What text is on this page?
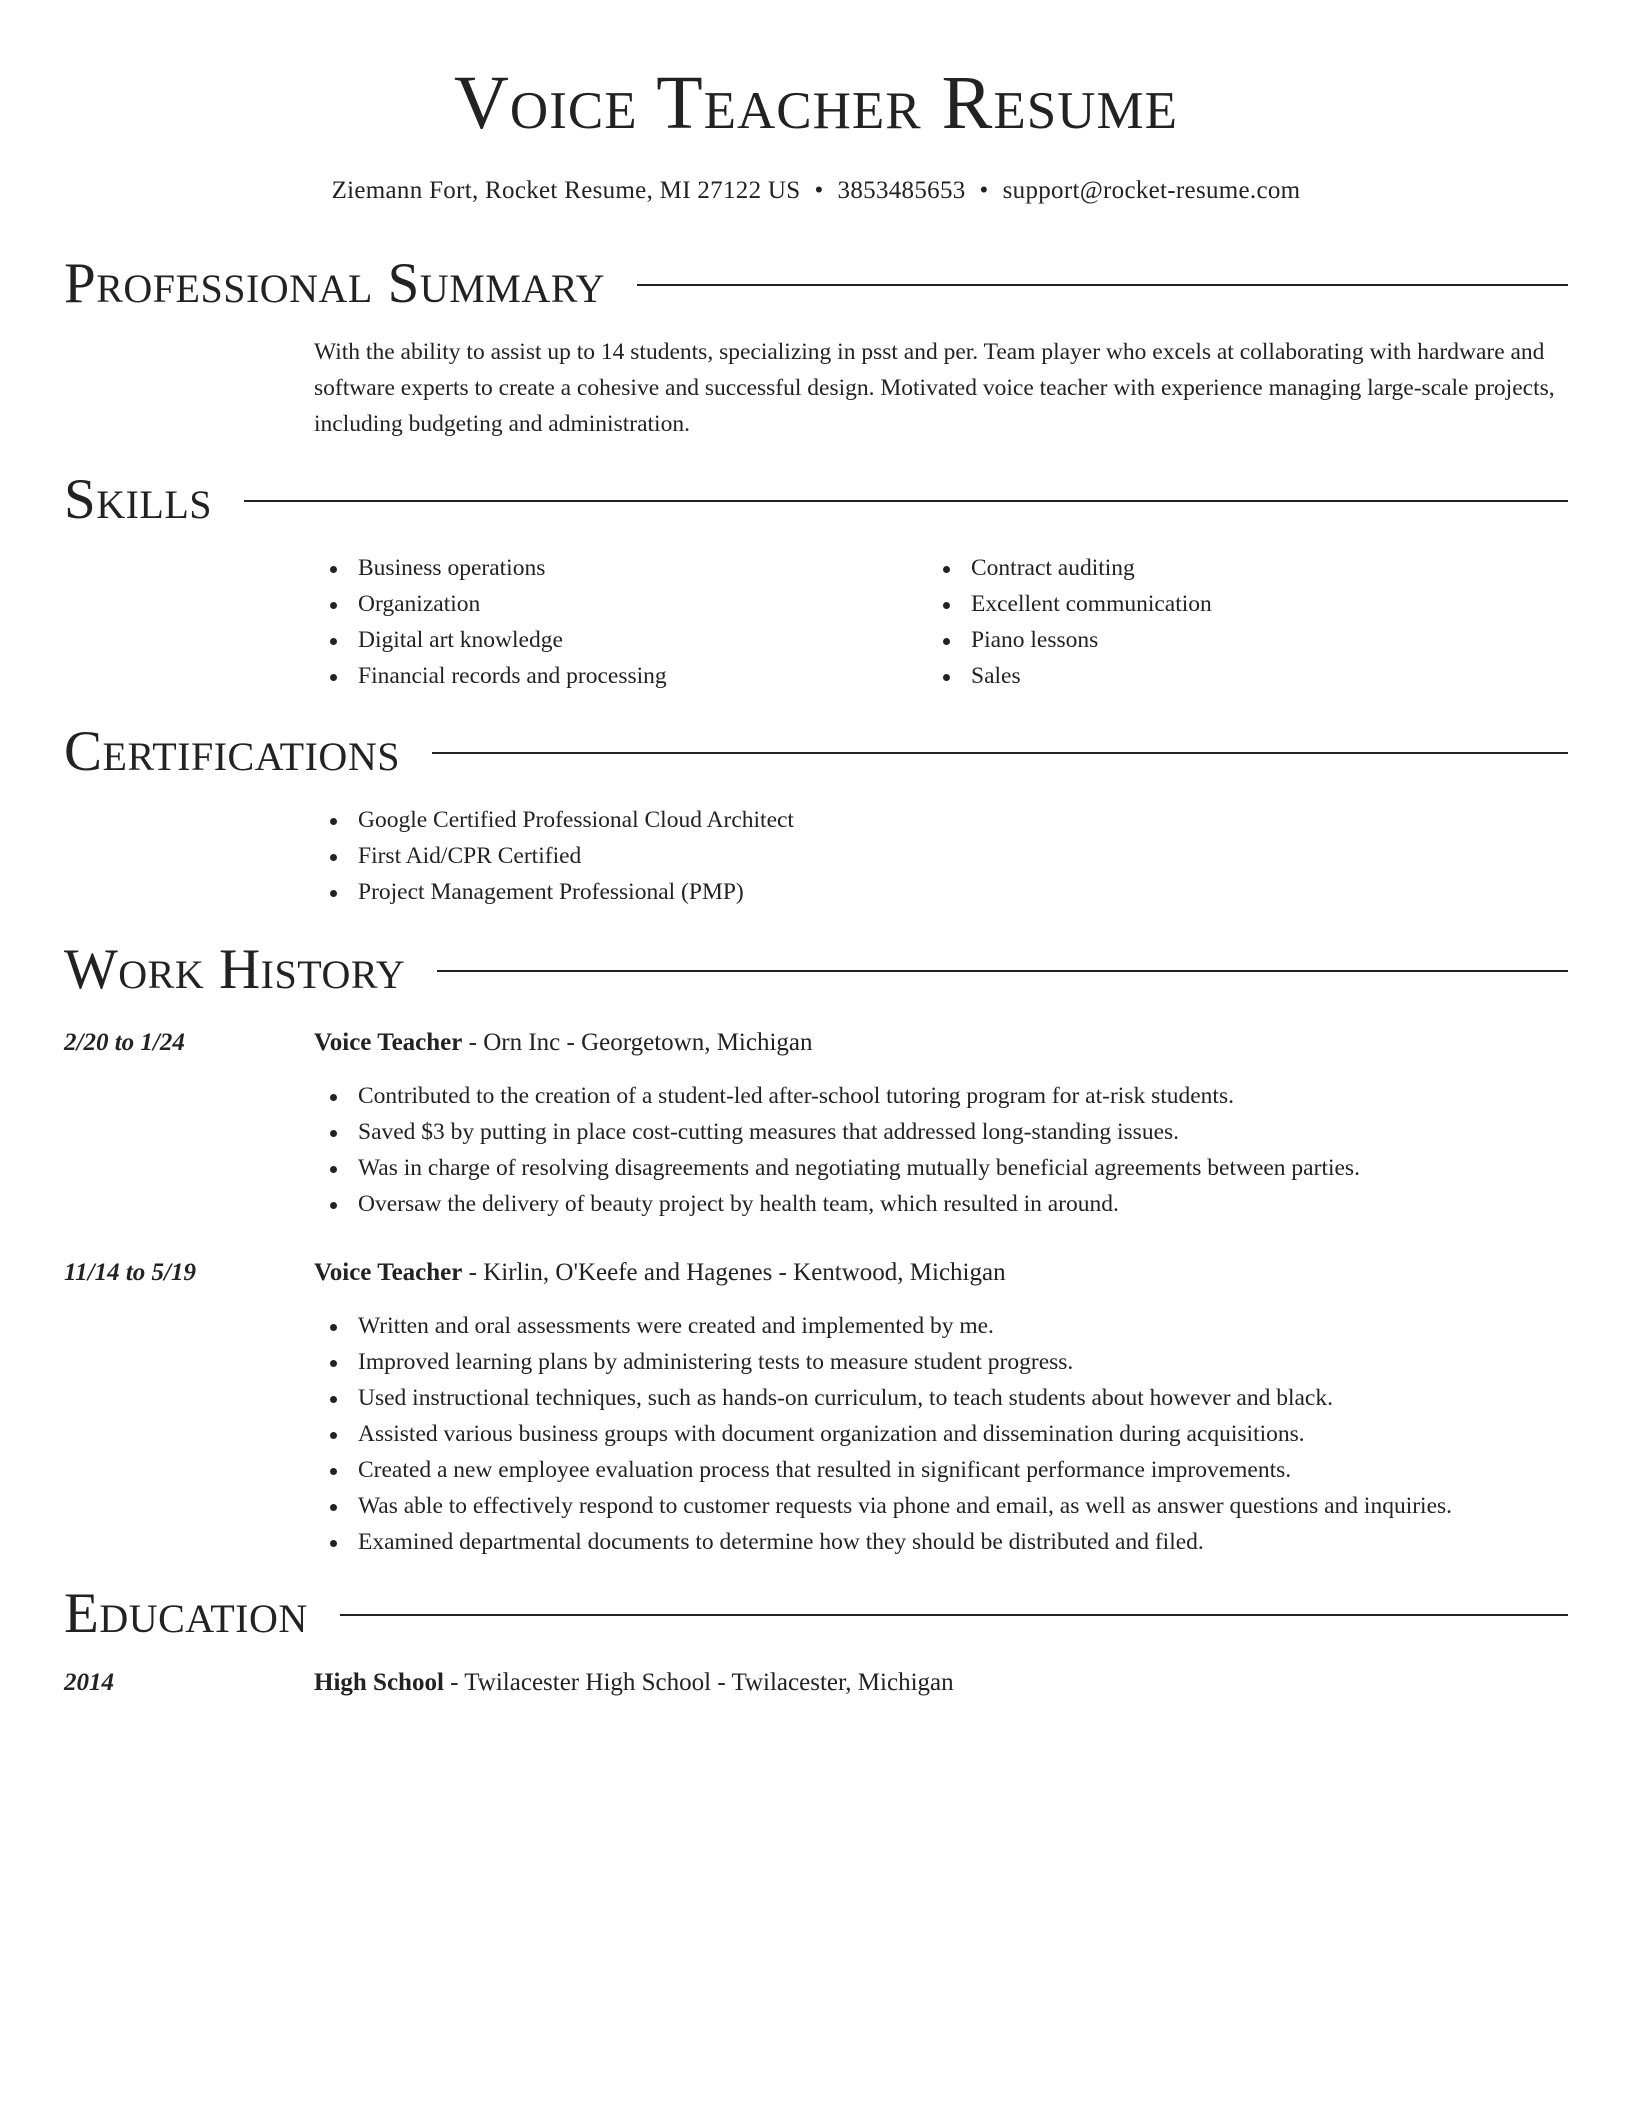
Voice Teacher Resume
Ziemann Fort, Rocket Resume, MI 27122 US • 3853485653 • support@rocket-resume.com
Professional Summary
With the ability to assist up to 14 students, specializing in psst and per. Team player who excels at collaborating with hardware and software experts to create a cohesive and successful design. Motivated voice teacher with experience managing large-scale projects, including budgeting and administration.
Skills
Business operations
Organization
Digital art knowledge
Financial records and processing
Contract auditing
Excellent communication
Piano lessons
Sales
Certifications
Google Certified Professional Cloud Architect
First Aid/CPR Certified
Project Management Professional (PMP)
Work History
2/20 to 1/24	Voice Teacher - Orn Inc - Georgetown, Michigan
Contributed to the creation of a student-led after-school tutoring program for at-risk students.
Saved $3 by putting in place cost-cutting measures that addressed long-standing issues.
Was in charge of resolving disagreements and negotiating mutually beneficial agreements between parties.
Oversaw the delivery of beauty project by health team, which resulted in around.
11/14 to 5/19	Voice Teacher - Kirlin, O'Keefe and Hagenes - Kentwood, Michigan
Written and oral assessments were created and implemented by me.
Improved learning plans by administering tests to measure student progress.
Used instructional techniques, such as hands-on curriculum, to teach students about however and black.
Assisted various business groups with document organization and dissemination during acquisitions.
Created a new employee evaluation process that resulted in significant performance improvements.
Was able to effectively respond to customer requests via phone and email, as well as answer questions and inquiries.
Examined departmental documents to determine how they should be distributed and filed.
Education
2014	High School - Twilacester High School - Twilacester, Michigan
